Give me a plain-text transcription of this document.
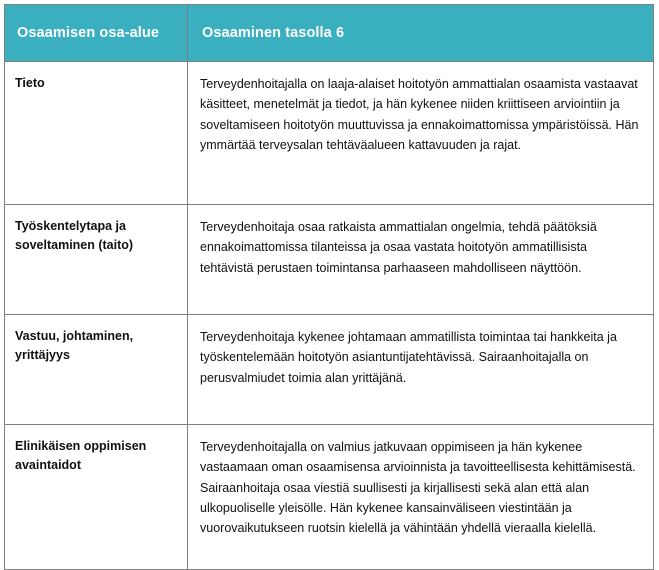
Osaamisen osa-alue	Osaaminen tasolla 6
Tieto	Terveydenhoitajalla on laaja-alaiset hoitotyön ammattialan osaamista vastaavat käsitteet, menetelmät ja tiedot, ja hän kykenee niiden kriittiseen arviointiin ja soveltamiseen hoitotyön muuttuvissa ja ennakoimattomissa ympäristöissä. Hän ymmärtää terveysalan tehtäväalueen kattavuuden ja rajat.
Työskentelytapa ja soveltaminen (taito)	Terveydenhoitaja osaa ratkaista ammattialan ongelmia, tehdä päätöksiä ennakoimattomissa tilanteissa ja osaa vastata hoitotyön ammatillisista tehtävistä perustaen toimintansa parhaaseen mahdolliseen näyttöön.
Vastuu, johtaminen, yrittäjyys	Terveydenhoitaja kykenee johtamaan ammatillista toimintaa tai hankkeita ja työskentelemään hoitotyön asiantuntijatehtävissä. Sairaanhoitajalla on perusvalmiudet toimia alan yrittäjänä.
Elinikäisen oppimisen avaintaidot	Terveydenhoitajalla on valmius jatkuvaan oppimiseen ja hän kykenee vastaamaan oman osaamisensa arvioinnista ja tavoitteellisesta kehittämisestä. Sairaanhoitaja osaa viestiä suullisesti ja kirjallisesti sekä alan että alan ulkopuoliselle yleisölle. Hän kykenee kansainväliseen viestintään ja vuorovaikutukseen ruotsin kielellä ja vähintään yhdellä vieraalla kielellä.
